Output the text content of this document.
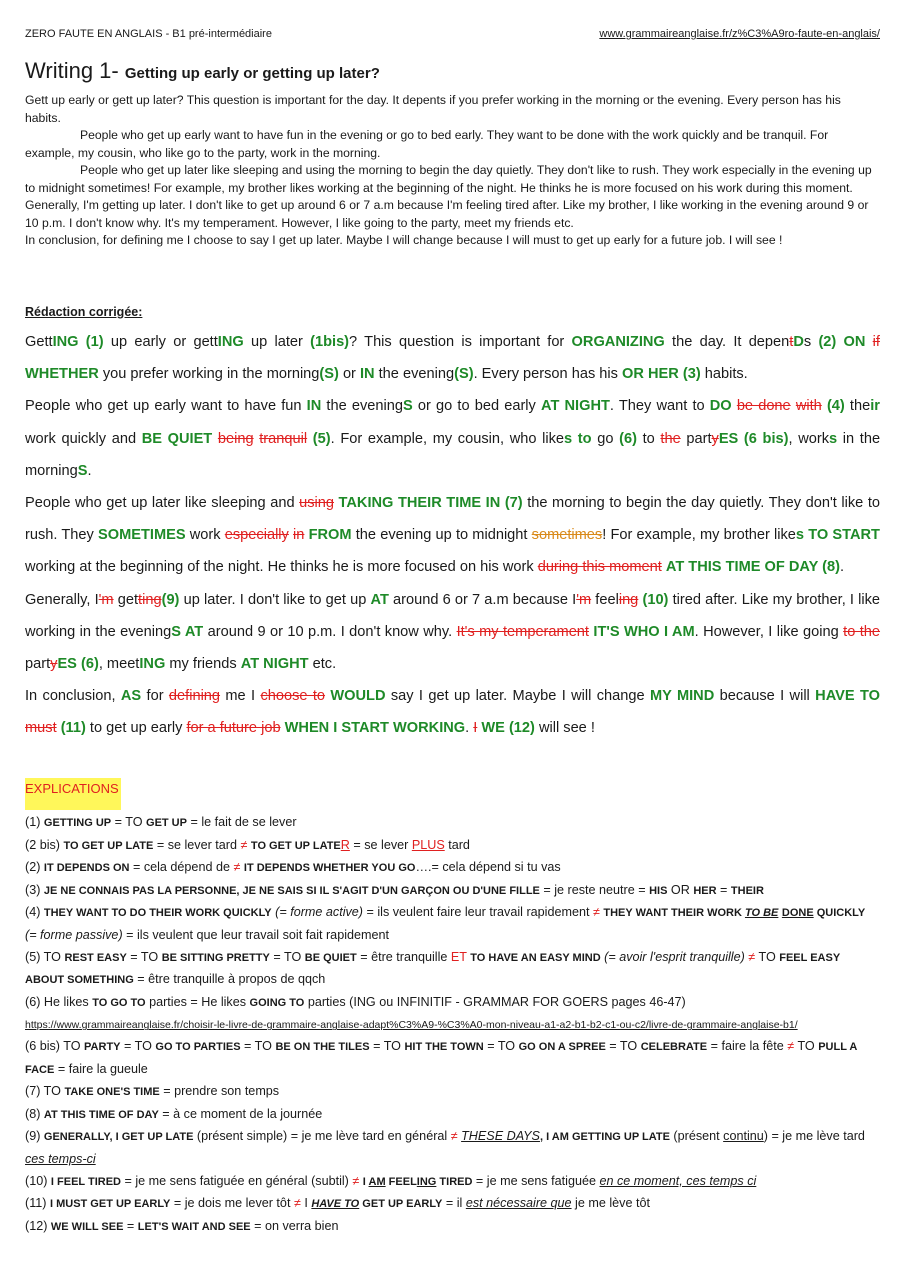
ZERO FAUTE EN ANGLAIS - B1 pré-intermédiaire	www.grammaireanglaise.fr/z%C3%A9ro-faute-en-anglais/
Writing 1- Getting up early or getting up later?

Gett up early or gett up later? This question is important for the day. It depents if you prefer working in the morning or the evening. Every person has his habits.

People who get up early want to have fun in the evening or go to bed early. They want to be done with the work quickly and be tranquil. For example, my cousin, who like go to the party, work in the morning.

People who get up later like sleeping and using the morning to begin the day quietly. They don't like to rush. They work especially in the evening up to midnight sometimes! For example, my brother likes working at the beginning of the night. He thinks he is more focused on his work during this moment.

Generally, I'm getting up later. I don't like to get up around 6 or 7 a.m because I'm feeling tired after. Like my brother, I like working in the evening around 9 or 10 p.m. I don't know why. It's my temperament. However, I like going to the party, meet my friends etc.

In conclusion, for defining me I choose to say I get up later. Maybe I will change because I will must to get up early for a future job. I will see !

Rédaction corrigée:

GettING (1) up early or gettING up later (1bis)? This question is important for ORGANIZING the day. It depentDs (2) ON if WHETHER you prefer working in the morning(S) or IN the evening(S). Every person has his OR HER (3) habits.

People who get up early want to have fun IN the eveningS or go to bed early AT NIGHT. They want to DO be done with (4) their work quickly and BE QUIET being tranquil (5). For example, my cousin, who likes to go (6) to the partyES (6 bis), works in the morningS.

People who get up later like sleeping and using TAKING THEIR TIME IN (7) the morning to begin the day quietly. They don't like to rush. They SOMETIMES work especially in FROM the evening up to midnight sometimes! For example, my brother likes TO START working at the beginning of the night. He thinks he is more focused on his work during this moment AT THIS TIME OF DAY (8).

Generally, I'm getting(9) up later. I don't like to get up AT around 6 or 7 a.m because I'm feeling (10) tired after. Like my brother, I like working in the eveningS AT around 9 or 10 p.m. I don't know why. It's my temperament IT'S WHO I AM. However, I like going to the partyES (6), meetING my friends AT NIGHT etc.

In conclusion, AS for defining me I choose to WOULD say I get up later. Maybe I will change MY MIND because I will HAVE TO must (11) to get up early for a future job WHEN I START WORKING. I WE (12) will see !

EXPLICATIONS

(1) GETTING UP = TO GET UP = le fait de se lever

(2 bis) TO GET UP LATE = se lever tard ≠ TO GET UP LATER = se lever PLUS tard

(2) IT DEPENDS ON = cela dépend de ≠ IT DEPENDS WHETHER YOU GO….= cela dépend si tu vas

(3) JE NE CONNAIS PAS LA PERSONNE, JE NE SAIS SI IL S'AGIT D'UN GARÇON OU D'UNE FILLE = je reste neutre = HIS OR HER = THEIR

(4) THEY WANT TO DO THEIR WORK QUICKLY (= forme active) = ils veulent faire leur travail rapidement ≠ THEY WANT THEIR WORK TO BE DONE QUICKLY (= forme passive) = ils veulent que leur travail soit fait rapidement

(5) TO REST EASY = TO BE SITTING PRETTY = TO BE QUIET = être tranquille ET TO HAVE AN EASY MIND (= avoir l'esprit tranquille) ≠ TO FEEL EASY ABOUT SOMETHING = être tranquille à propos de qqch

(6) He likes TO GO TO parties = He likes GOING TO parties (ING ou INFINITIF - GRAMMAR FOR GOERS pages 46-47)

https://www.grammaireanglaise.fr/choisir-le-livre-de-grammaire-anglaise-adapt%C3%A9-%C3%A0-mon-niveau-a1-a2-b1-b2-c1-ou-c2/livre-de-grammaire-anglaise-b1/

(6 bis) TO PARTY = TO GO TO PARTIES = TO BE ON THE TILES = TO HIT THE TOWN = TO GO ON A SPREE = TO CELEBRATE = faire la fête ≠ TO PULL A FACE = faire la gueule

(7) TO TAKE ONE'S TIME = prendre son temps

(8) AT THIS TIME OF DAY = à ce moment de la journée

(9) GENERALLY, I GET UP LATE (présent simple) = je me lève tard en général ≠ THESE DAYS, I AM GETTING UP LATE (présent continu) = je me lève tard ces temps-ci

(10) I FEEL TIRED = je me sens fatiguée en général (subtil) ≠ I AM FEELING TIRED = je me sens fatiguée en ce moment, ces temps ci

(11) I MUST GET UP EARLY = je dois me lever tôt ≠ I HAVE TO GET UP EARLY = il est nécessaire que je me lève tôt

(12) WE WILL SEE = LET'S WAIT AND SEE = on verra bien
